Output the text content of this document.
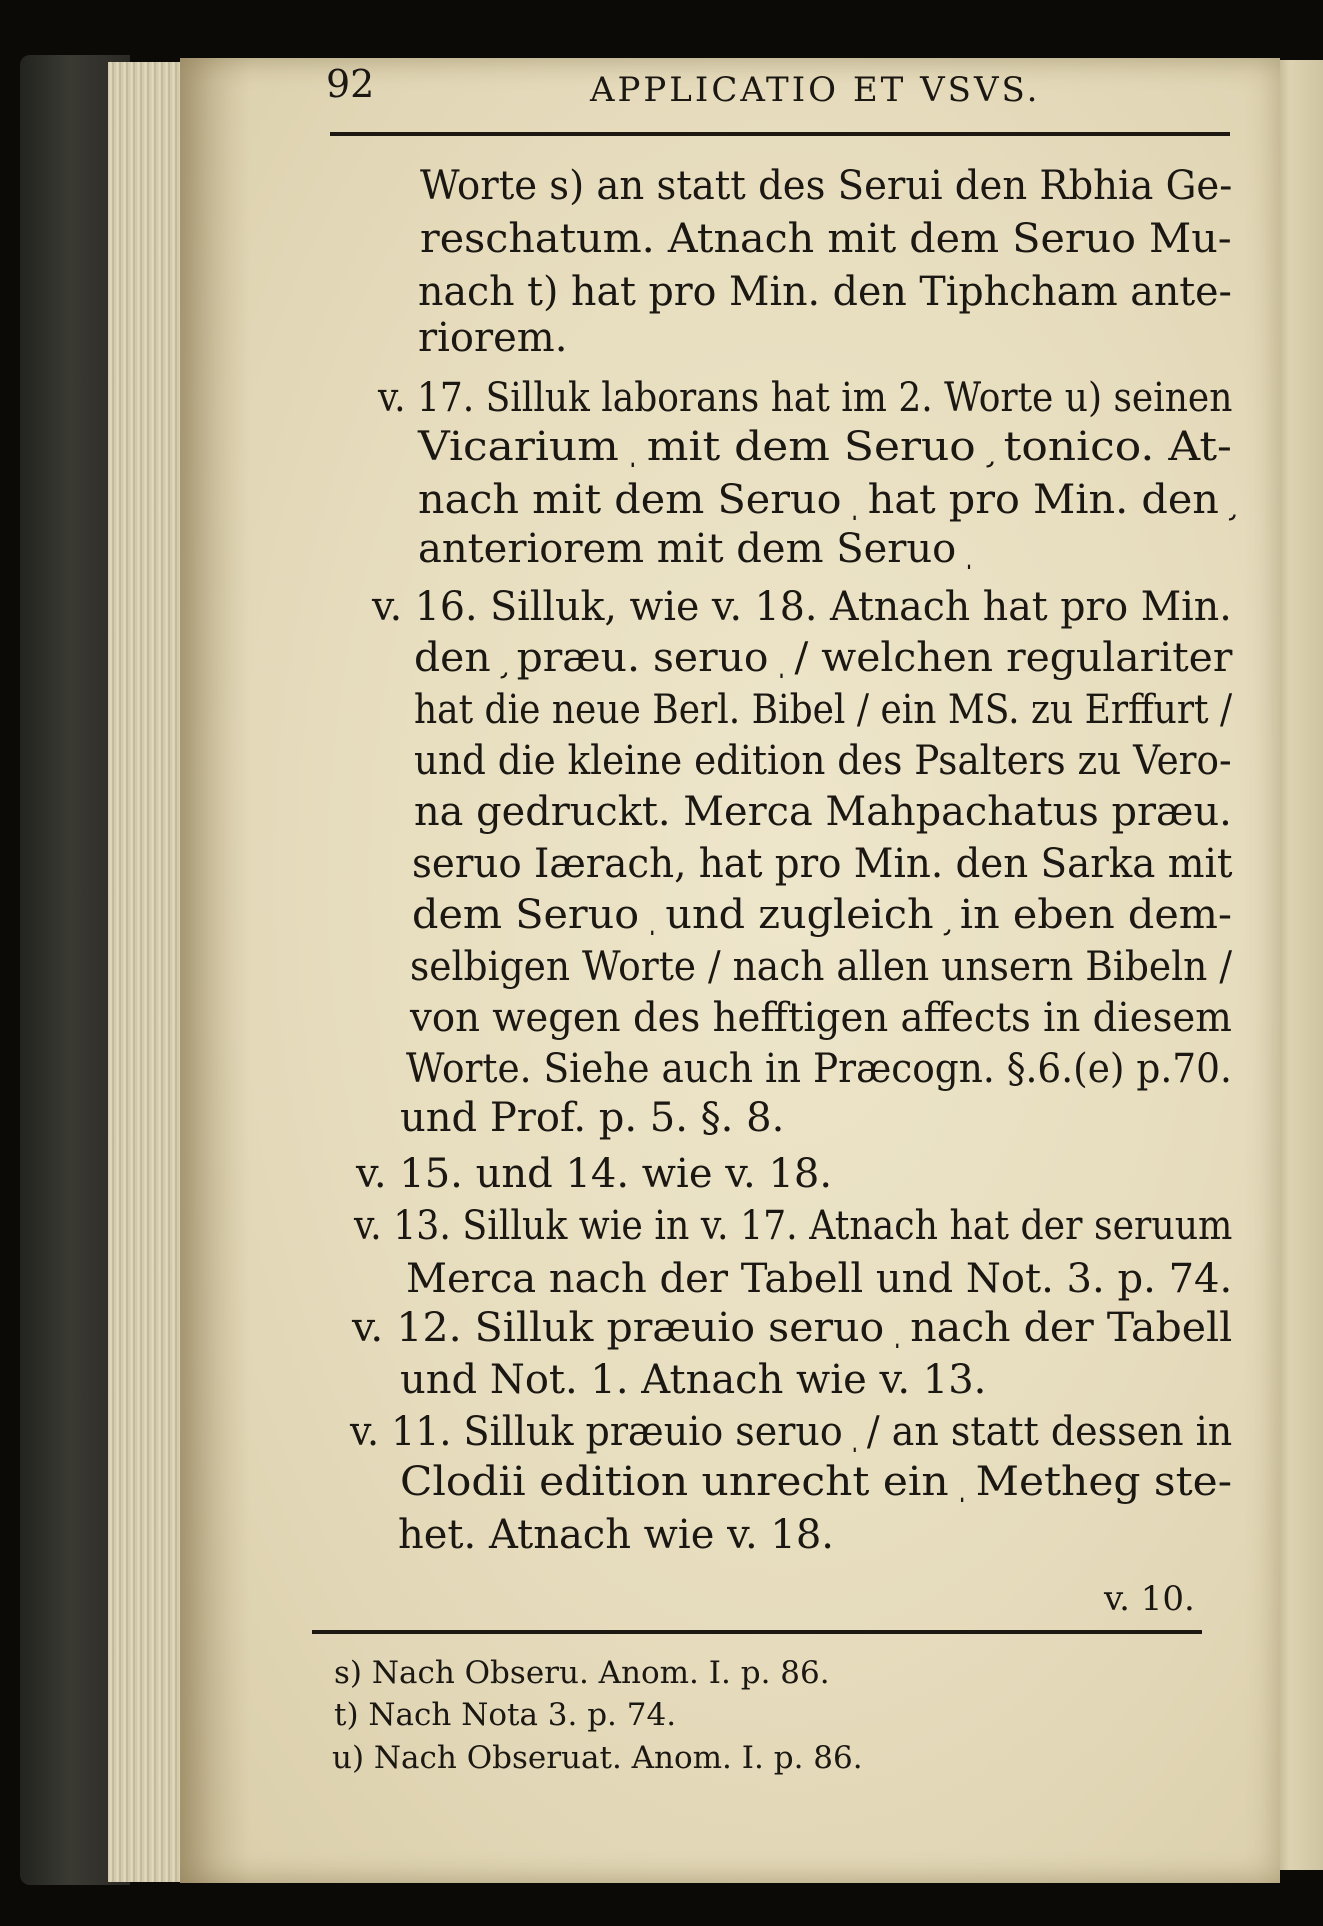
92	APPLICATIO ET VSVS.
Worte s) an statt des Serui den Rbhia Ge-
reschatum. Atnach mit dem Seruo Mu-
nach t) hat pro Min. den Tiphcham ante-
riorem.
v. 17. Silluk laborans hat im 2. Worte u) seinen
Vicarium ֽ mit dem Seruo ֥ tonico. At-
nach mit dem Seruo ֽ hat pro Min. den ֥
anteriorem mit dem Seruo ֽ
v. 16. Silluk, wie v. 18. Atnach hat pro Min.
den ֥ præu. seruo ֽ / welchen regulariter
hat die neue Berl. Bibel / ein MS. zu Erffurt /
und die kleine edition des Psalters zu Vero-
na gedruckt. Merca Mahpachatus præu.
seruo Iærach, hat pro Min. den Sarka mit
dem Seruo ֽ und zugleich ֥ in eben dem-
selbigen Worte / nach allen unsern Bibeln /
von wegen des hefftigen affects in diesem
Worte. Siehe auch in Præcogn. §.6.(e) p.70.
und Prof. p. 5. §. 8.
v. 15. und 14. wie v. 18.
v. 13. Silluk wie in v. 17. Atnach hat der seruum
Merca nach der Tabell und Not. 3. p. 74.
v. 12. Silluk præuio seruo ֽ nach der Tabell
und Not. 1. Atnach wie v. 13.
v. 11. Silluk præuio seruo ֽ / an statt dessen in
Clodii edition unrecht ein ֽ Metheg ste-
het. Atnach wie v. 18.
v. 10.
s) Nach Obseru. Anom. I. p. 86.
t) Nach Nota 3. p. 74.
u) Nach Obseruat. Anom. I. p. 86.
